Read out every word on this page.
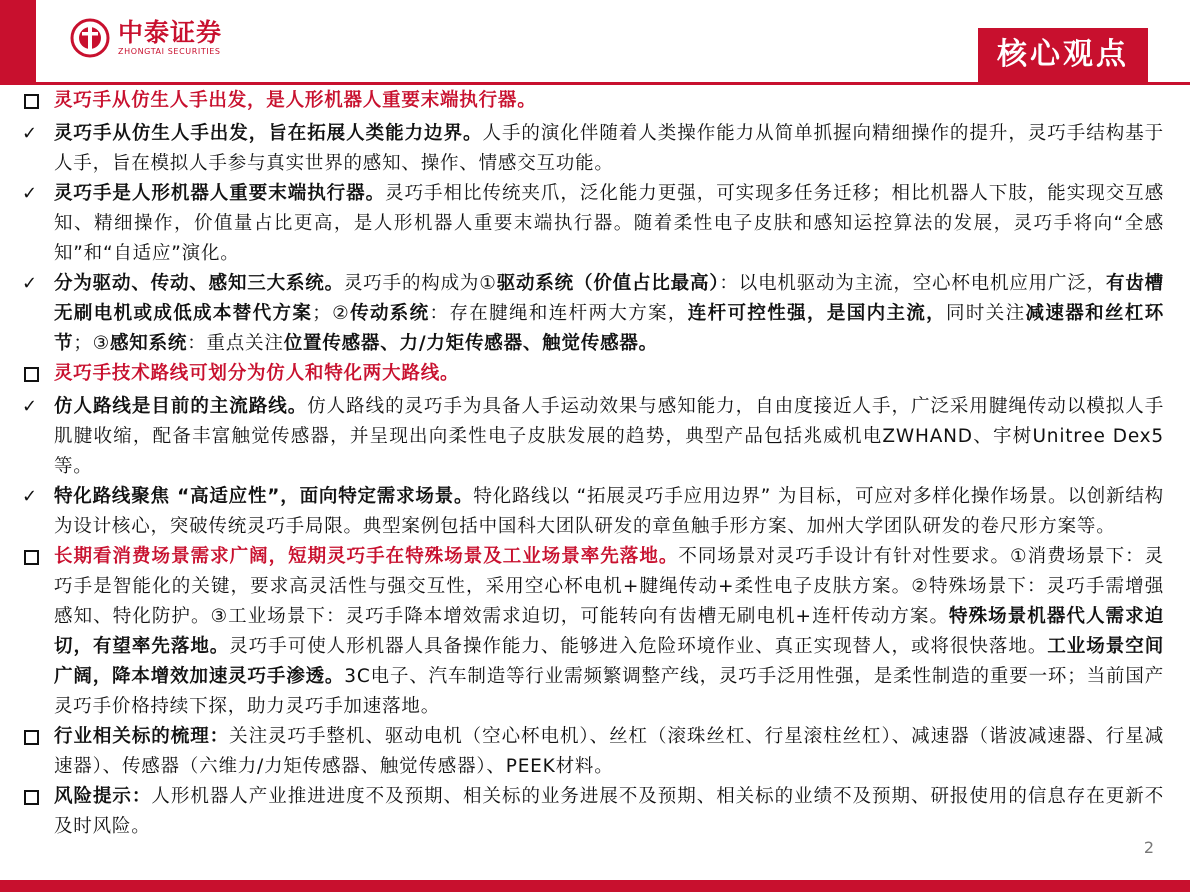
中泰证券
ZHONGTAI SECURITIES	核心观点
灵巧手从仿生人手出发，是人形机器人重要末端执行器。
✓ 灵巧手从仿生人手出发，旨在拓展人类能力边界。人手的演化伴随着人类操作能力从简单抓握向精细操作的提升，灵巧手结构基于人手，旨在模拟人手参与真实世界的感知、操作、情感交互功能。
✓ 灵巧手是人形机器人重要末端执行器。灵巧手相比传统夹爪，泛化能力更强，可实现多任务迁移；相比机器人下肢，能实现交互感知、精细操作，价值量占比更高，是人形机器人重要末端执行器。随着柔性电子皮肤和感知运控算法的发展，灵巧手将向“全感知”和“自适应”演化。
✓ 分为驱动、传动、感知三大系统。灵巧手的构成为①驱动系统（价值占比最高）：以电机驱动为主流，空心杯电机应用广泛，有齿槽无刷电机或成低成本替代方案；②传动系统：存在腱绳和连杆两大方案，连杆可控性强，是国内主流，同时关注减速器和丝杠环节；③感知系统：重点关注位置传感器、力/力矩传感器、触觉传感器。
灵巧手技术路线可划分为仿人和特化两大路线。
✓ 仿人路线是目前的主流路线。仿人路线的灵巧手为具备人手运动效果与感知能力，自由度接近人手，广泛采用腱绳传动以模拟人手肌腱收缩，配备丰富触觉传感器，并呈现出向柔性电子皮肤发展的趋势，典型产品包括兆威机电ZWHAND、宇树Unitree Dex5等。
✓ 特化路线聚焦 “高适应性”，面向特定需求场景。特化路线以 “拓展灵巧手应用边界” 为目标，可应对多样化操作场景。以创新结构为设计核心，突破传统灵巧手局限。典型案例包括中国科大团队研发的章鱼触手形方案、加州大学团队研发的卷尺形方案等。
长期看消费场景需求广阔，短期灵巧手在特殊场景及工业场景率先落地。不同场景对灵巧手设计有针对性要求。①消费场景下：灵巧手是智能化的关键，要求高灵活性与强交互性，采用空心杯电机+腱绳传动+柔性电子皮肤方案。②特殊场景下：灵巧手需增强感知、特化防护。③工业场景下：灵巧手降本增效需求迫切，可能转向有齿槽无刷电机+连杆传动方案。特殊场景机器代人需求迫切，有望率先落地。灵巧手可使人形机器人具备操作能力、能够进入危险环境作业、真正实现替人，或将很快落地。工业场景空间广阔，降本增效加速灵巧手渗透。3C电子、汽车制造等行业需频繁调整产线，灵巧手泛用性强，是柔性制造的重要一环；当前国产灵巧手价格持续下探，助力灵巧手加速落地。
行业相关标的梳理：关注灵巧手整机、驱动电机（空心杯电机）、丝杠（滚珠丝杠、行星滚柱丝杠）、减速器（谐波减速器、行星减速器）、传感器（六维力/力矩传感器、触觉传感器）、PEEK材料。
风险提示：人形机器人产业推进进度不及预期、相关标的业务进展不及预期、相关标的业绩不及预期、研报使用的信息存在更新不及时风险。
2
